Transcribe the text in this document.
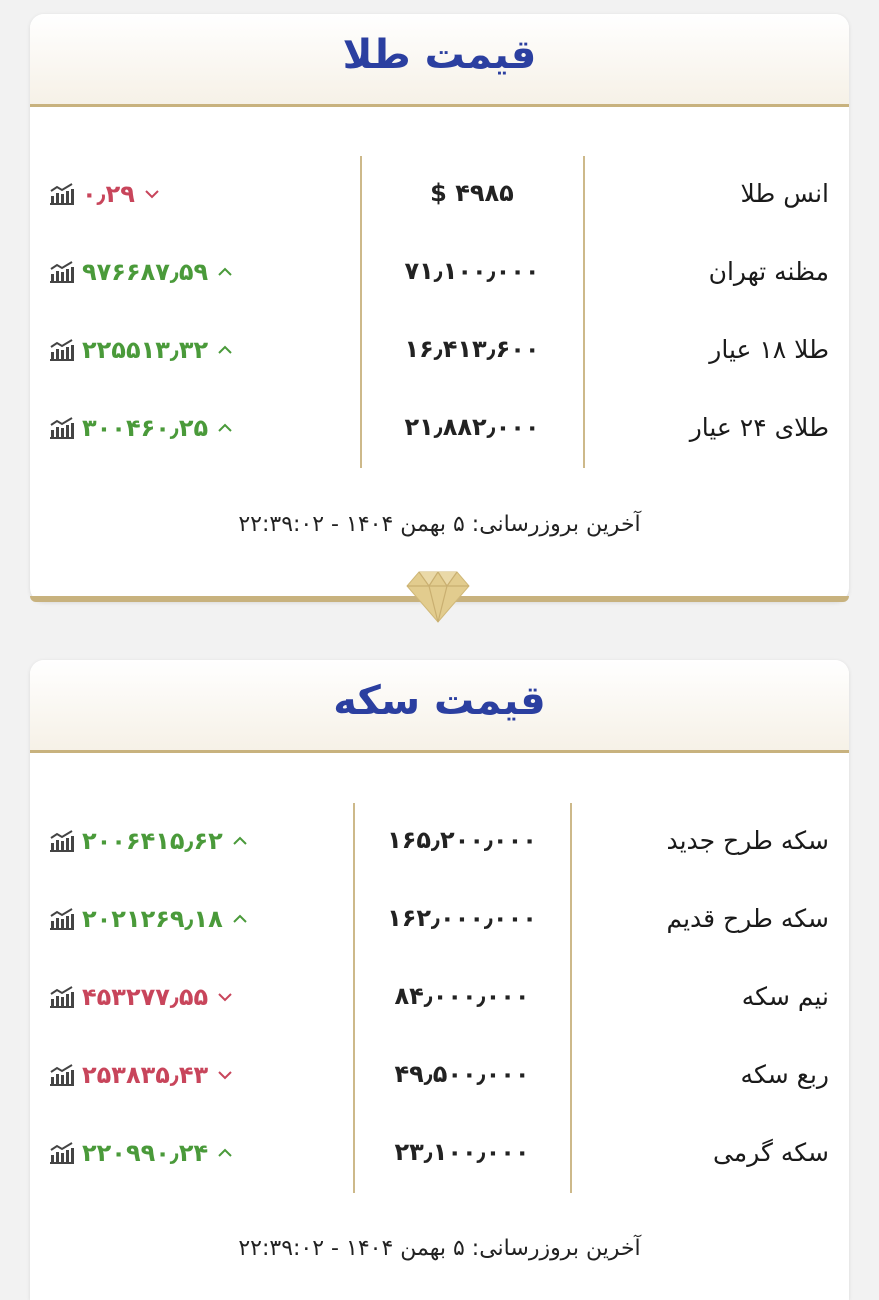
قیمت طلا
انس طلا
$ ۴۹۸۵
۰٫۲۹
مظنه تهران
۷۱٫۱۰۰٫۰۰۰
۹۷۶۶۸۷٫۵۹
طلا ۱۸ عیار
۱۶٫۴۱۳٫۶۰۰
۲۲۵۵۱۳٫۳۲
طلای ۲۴ عیار
۲۱٫۸۸۲٫۰۰۰
۳۰۰۴۶۰٫۲۵
آخرین بروزرسانی: ۵ بهمن ۱۴۰۴ - ۲۲:۳۹:۰۲
قیمت سکه
سکه طرح جدید
۱۶۵٫۲۰۰٫۰۰۰
۲۰۰۶۴۱۵٫۶۲
سکه طرح قدیم
۱۶۲٫۰۰۰٫۰۰۰
۲۰۲۱۲۶۹٫۱۸
نیم سکه
۸۴٫۰۰۰٫۰۰۰
۴۵۳۲۷۷٫۵۵
ربع سکه
۴۹٫۵۰۰٫۰۰۰
۲۵۳۸۳۵٫۴۳
سکه گرمی
۲۳٫۱۰۰٫۰۰۰
۲۲۰۹۹۰٫۲۴
آخرین بروزرسانی: ۵ بهمن ۱۴۰۴ - ۲۲:۳۹:۰۲
